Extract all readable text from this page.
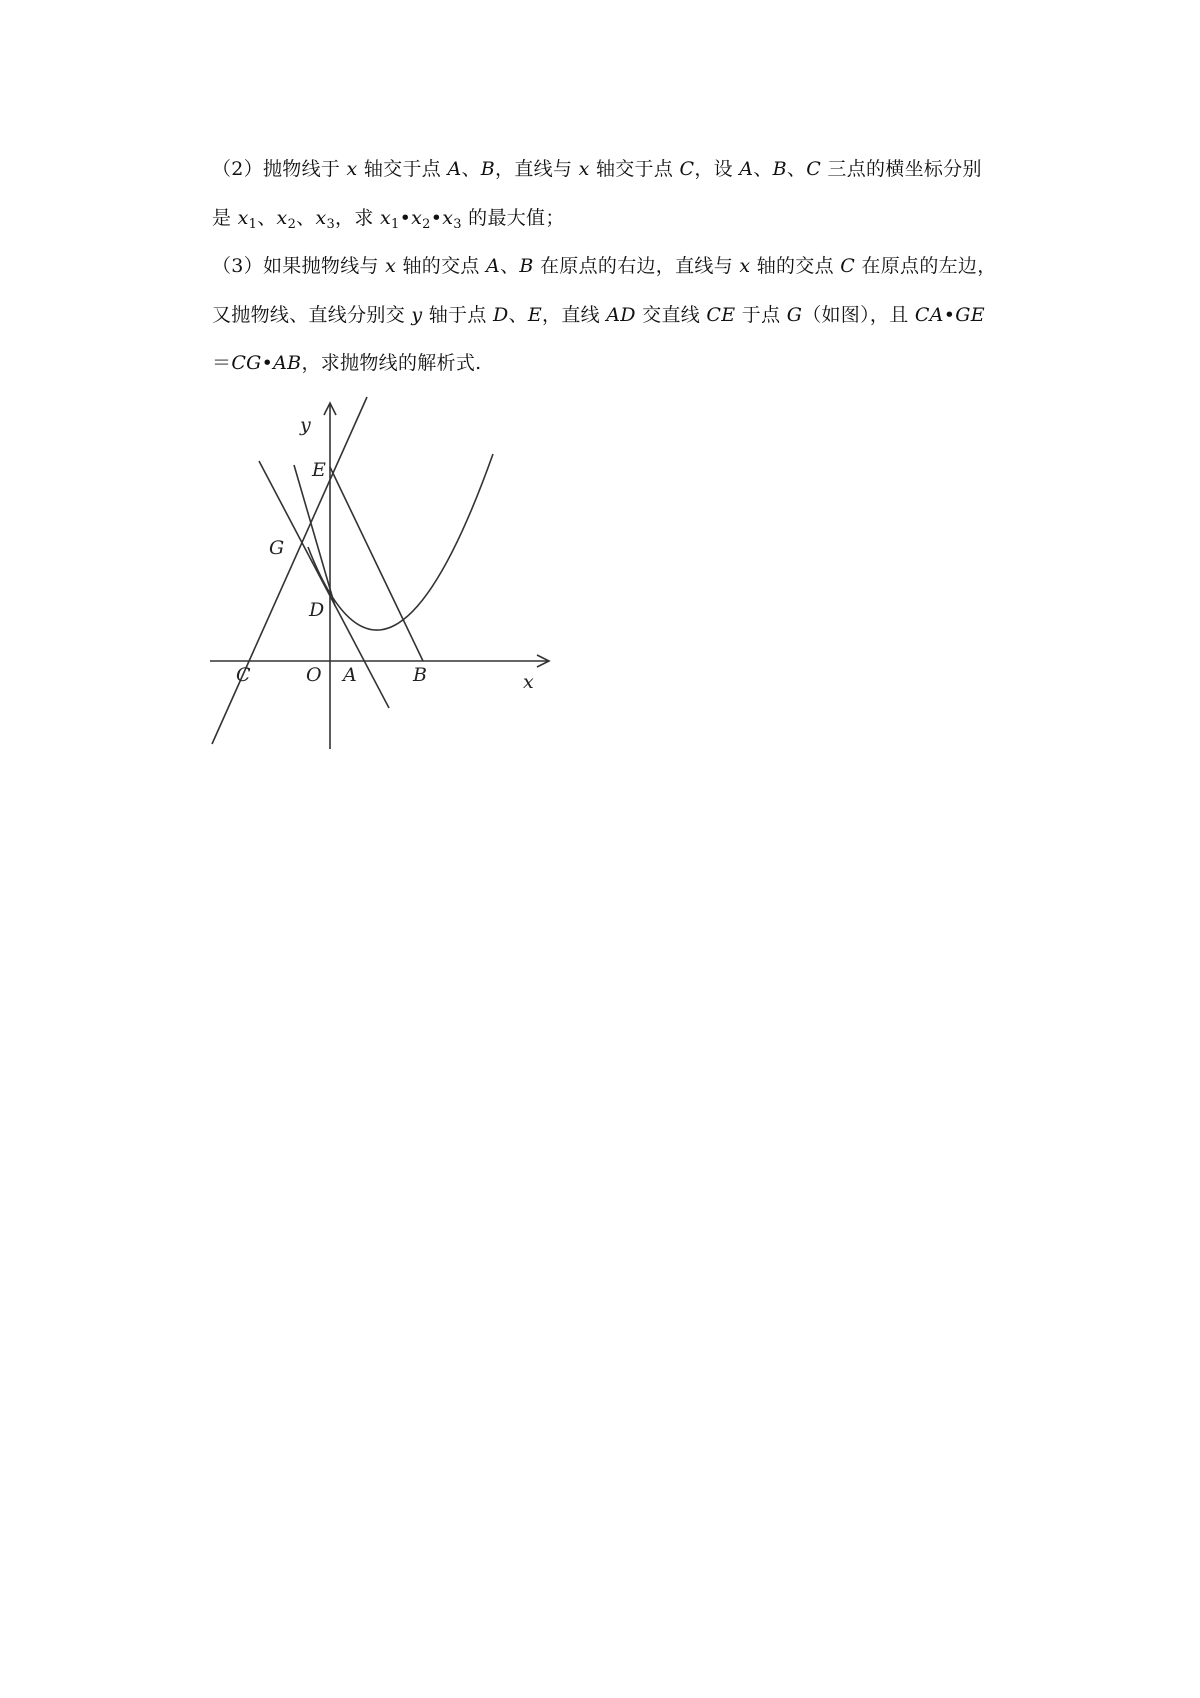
（2）抛物线于 x 轴交于点 A、B，直线与 x 轴交于点 C，设 A、B、C 三点的横坐标分别
是 $x_1$、$x_2$、$x_3$，求 $x_1•x_2•x_3$ 的最大值；
（3）如果抛物线与 x 轴的交点 A、B 在原点的右边，直线与 x 轴的交点 C 在原点的左边，
又抛物线、直线分别交 y 轴于点 D、E，直线 AD 交直线 CE 于点 G（如图），且 CA•GE
＝CG•AB，求抛物线的解析式.
y
x
E
G
D
C	O A	B
